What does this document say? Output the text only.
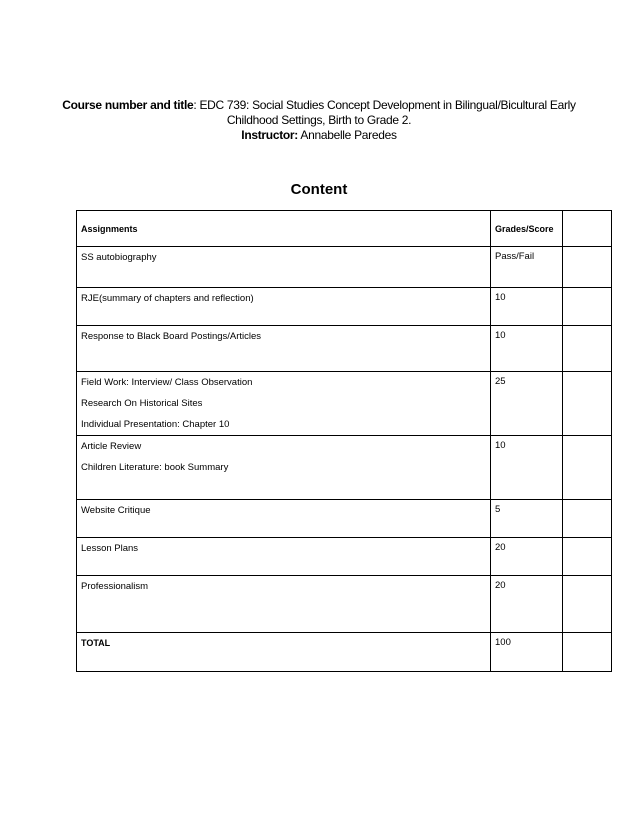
Course number and title: EDC 739: Social Studies Concept Development in Bilingual/Bicultural Early Childhood Settings, Birth to Grade 2.
Instructor: Annabelle Paredes
Content
Assignments	Grades/Score	

SS autobiography	Pass/Fail	

RJE(summary of chapters and reflection)	10	

Response to Black Board Postings/Articles	10	

Field Work: Interview/ Class Observation
Research On Historical Sites
Individual Presentation: Chapter 10	25	

Article Review
Children Literature: book Summary	10	

Website Critique	5	

Lesson Plans	20	

Professionalism	20	

TOTAL	100	
